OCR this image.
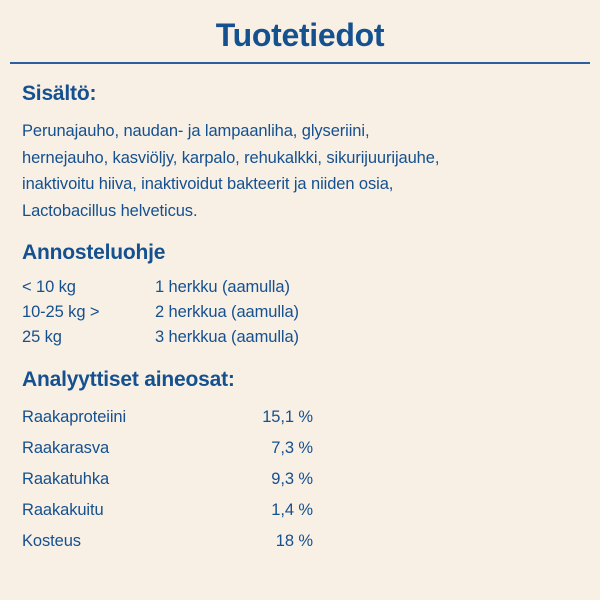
Tuotetiedot
Sisältö:
Perunajauho, naudan- ja lampaanliha, glyseriini,
hernejauho, kasviöljy, karpalo, rehukalkki, sikurijuurijauhe,
inaktivoitu hiiva, inaktivoidut bakteerit ja niiden osia,
Lactobacillus helveticus.
Annosteluohje
< 10 kg	1 herkku (aamulla)
10-25 kg >	2 herkkua (aamulla)
25 kg	3 herkkua (aamulla)
Analyyttiset aineosat:
Raakaproteiini	15,1 %
Raakarasva	7,3 %
Raakatuhka	9,3 %
Raakakuitu	1,4 %
Kosteus	18 %
